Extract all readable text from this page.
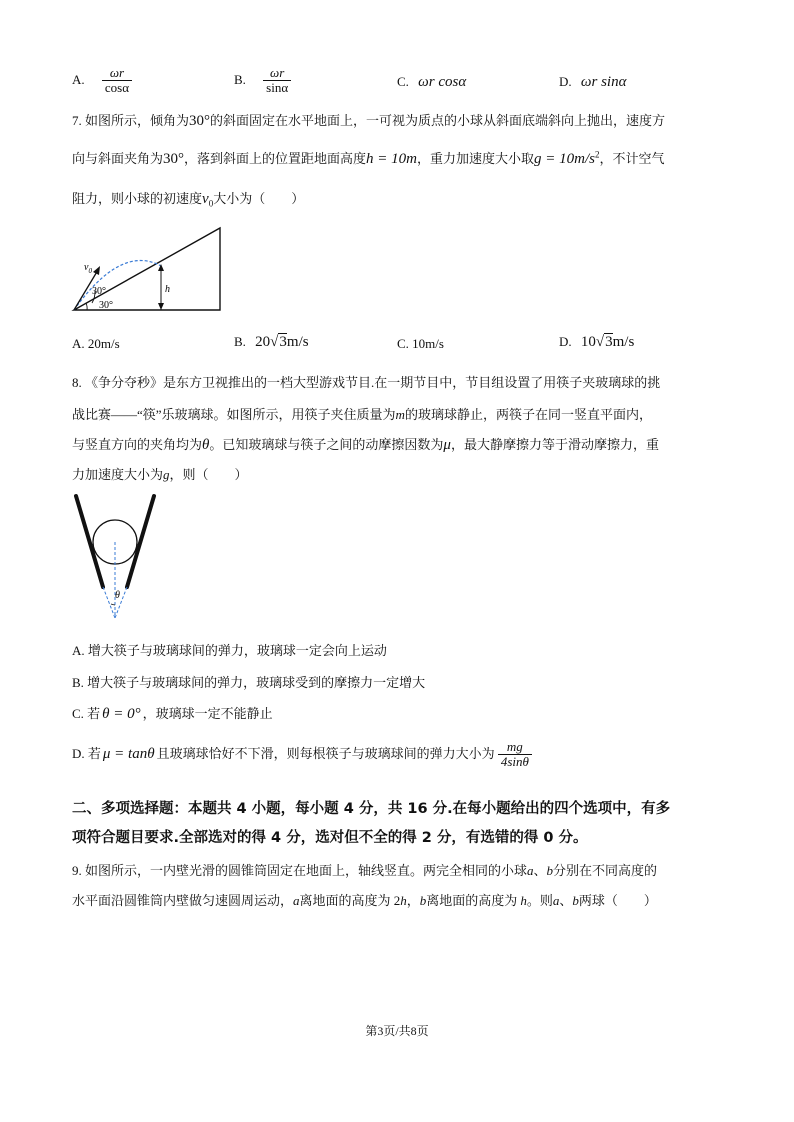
A. $\frac{\omega r}{\cos\alpha}$	B. $\frac{\omega r}{\sin\alpha}$	C. ωr cosα	D. ωr sinα
7. 如图所示，倾角为30°的斜面固定在水平地面上，一可视为质点的小球从斜面底端斜向上抛出，速度方
向与斜面夹角为30°，落到斜面上的位置距地面高度h = 10m，重力加速度大小取$g = 10m/s^2$，不计空气
阻力，则小球的初速度$v_0$大小为（　　）
$v_0$
30°
30°
h
A. 20m/s	B. 20√3m/s	C. 10m/s	D. 10√3m/s
8. 《争分夺秒》是东方卫视推出的一档大型游戏节目.在一期节目中，节目组设置了用筷子夹玻璃球的挑
战比赛——“筷”乐玻璃球。如图所示，用筷子夹住质量为m的玻璃球静止，两筷子在同一竖直平面内，
与竖直方向的夹角均为θ。已知玻璃球与筷子之间的动摩擦因数为μ，最大静摩擦力等于滑动摩擦力，重
力加速度大小为g，则（　　）
θ
A. 增大筷子与玻璃球间的弹力，玻璃球一定会向上运动
B. 增大筷子与玻璃球间的弹力，玻璃球受到的摩擦力一定增大
C. 若 θ = 0° ，玻璃球一定不能静止
D. 若 μ = tanθ 且玻璃球恰好不下滑，则每根筷子与玻璃球间的弹力大小为 $\frac{mg}{4\sin\theta}$
二、多项选择题：本题共 4 小题，每小题 4 分，共 16 分.在每小题给出的四个选项中，有多
项符合题目要求.全部选对的得 4 分，选对但不全的得 2 分，有选错的得 0 分。
9. 如图所示，一内壁光滑的圆锥筒固定在地面上，轴线竖直。两完全相同的小球a、b分别在不同高度的
水平面沿圆锥筒内壁做匀速圆周运动，a离地面的高度为 2h，b离地面的高度为 h。则a、b两球（　　）
第3页/共8页
